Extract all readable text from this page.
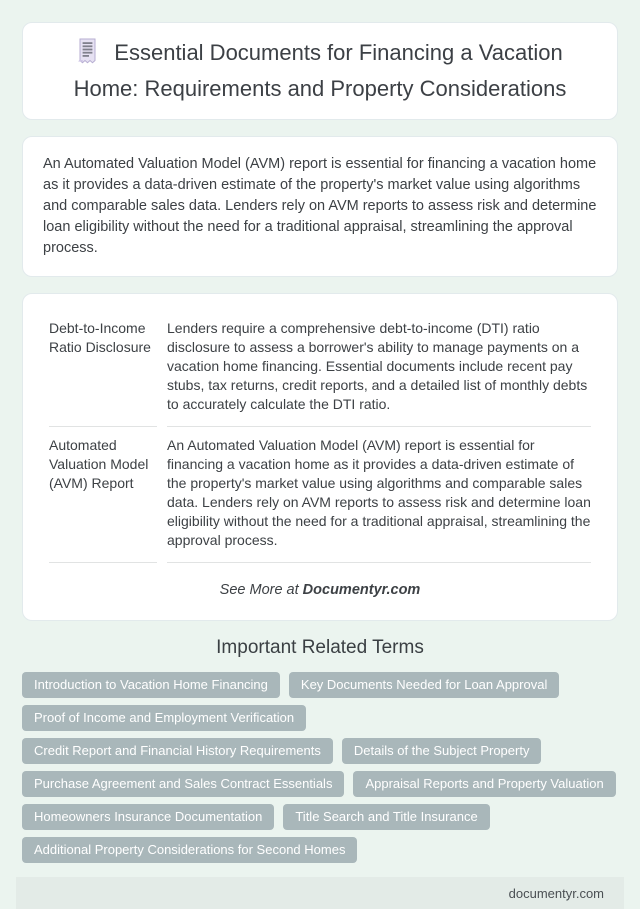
Essential Documents for Financing a Vacation Home: Requirements and Property Considerations

An Automated Valuation Model (AVM) report is essential for financing a vacation home as it provides a data-driven estimate of the property's market value using algorithms and comparable sales data. Lenders rely on AVM reports to assess risk and determine loan eligibility without the need for a traditional appraisal, streamlining the approval process.

Debt-to-Income Ratio Disclosure
Lenders require a comprehensive debt-to-income (DTI) ratio disclosure to assess a borrower's ability to manage payments on a vacation home financing. Essential documents include recent pay stubs, tax returns, credit reports, and a detailed list of monthly debts to accurately calculate the DTI ratio.
Automated Valuation Model (AVM) Report
An Automated Valuation Model (AVM) report is essential for financing a vacation home as it provides a data-driven estimate of the property's market value using algorithms and comparable sales data. Lenders rely on AVM reports to assess risk and determine loan eligibility without the need for a traditional appraisal, streamlining the approval process.
See More at Documentyr.com
Important Related Terms
Introduction to Vacation Home Financing	Key Documents Needed for Loan Approval
Proof of Income and Employment Verification
Credit Report and Financial History Requirements	Details of the Subject Property
Purchase Agreement and Sales Contract Essentials	Appraisal Reports and Property Valuation
Homeowners Insurance Documentation	Title Search and Title Insurance
Additional Property Considerations for Second Homes
documentyr.com
